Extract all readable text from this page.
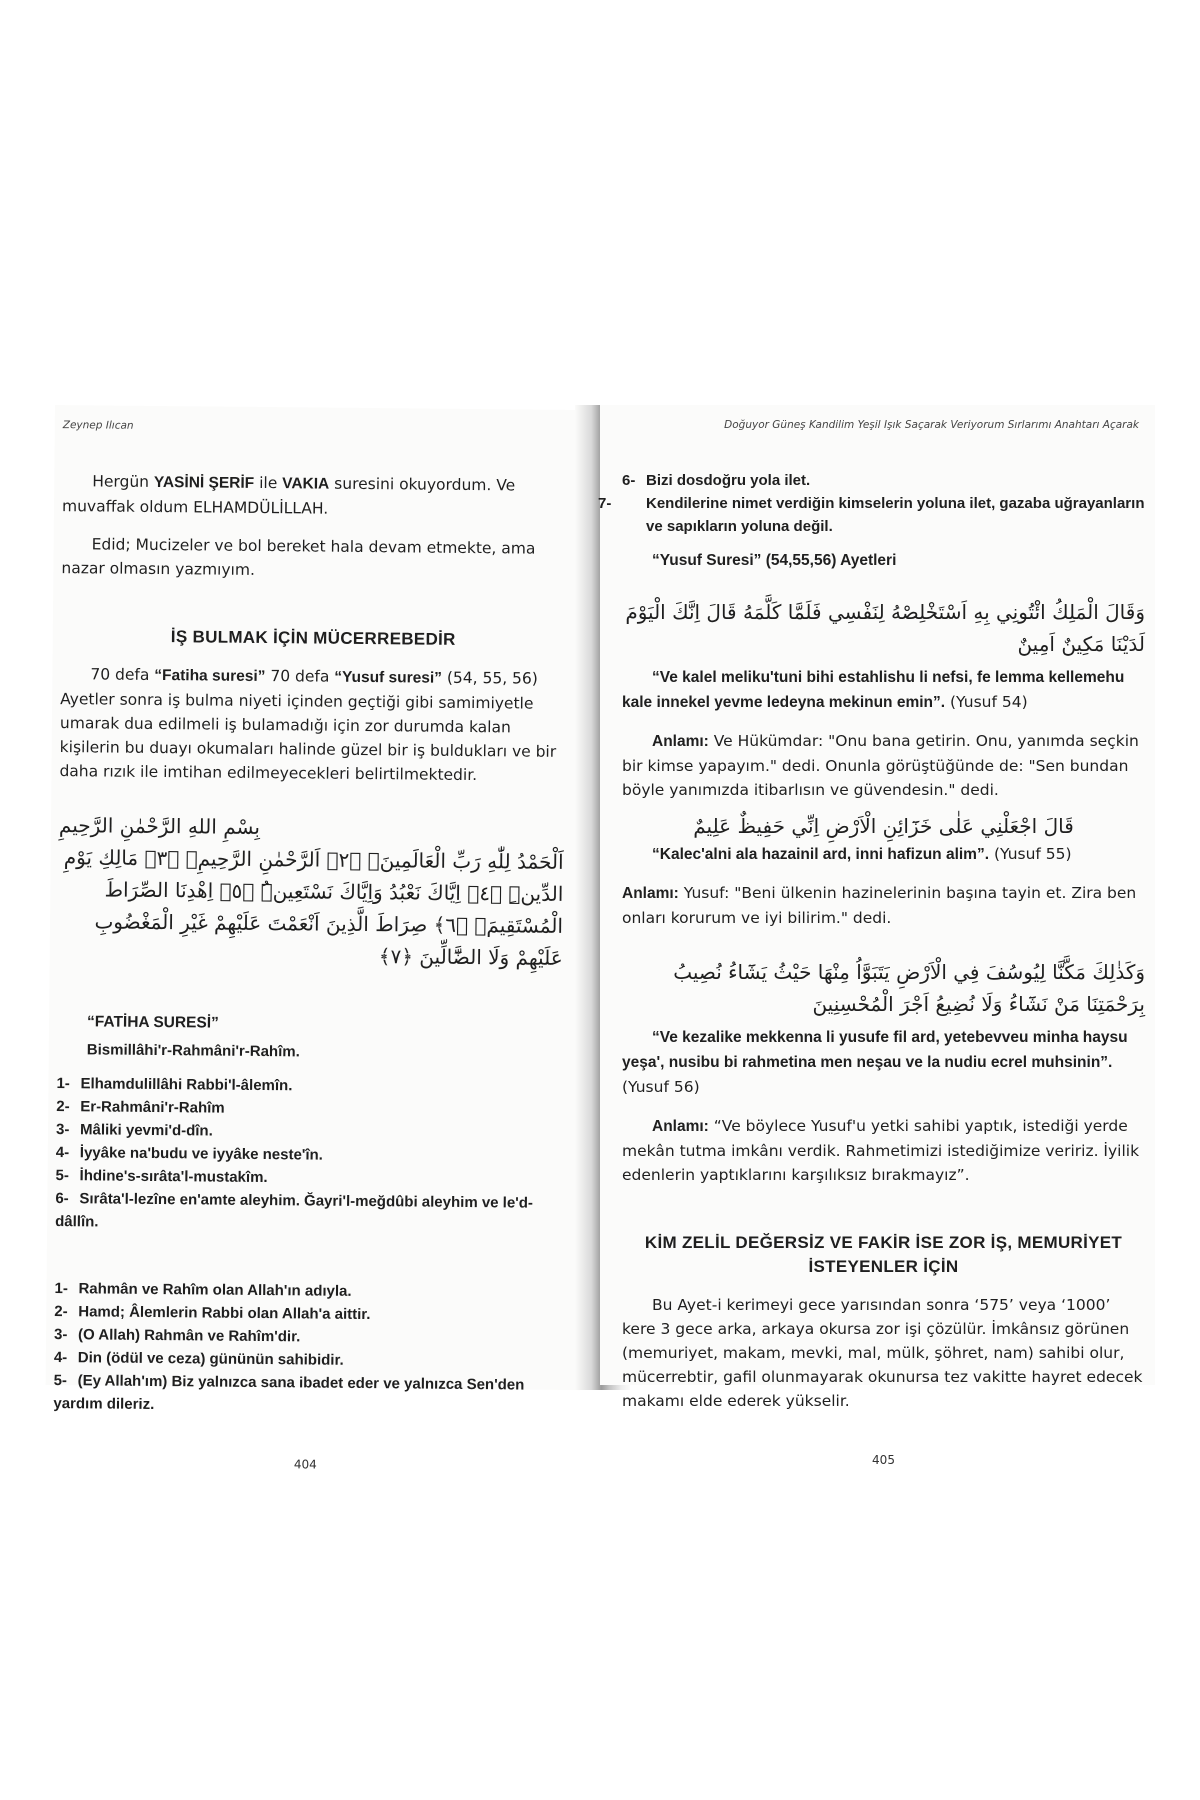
Zeynep Ilıcan

Hergün YASİNİ ŞERİF ile VAKIA suresini okuyordum. Ve muvaffak oldum ELHAMDÜLİLLAH.

Edid; Mucizeler ve bol bereket hala devam etmekte, ama nazar olmasın yazmıyım.

İŞ BULMAK İÇİN MÜCERREBEDİR

70 defa “Fatiha suresi” 70 defa “Yusuf suresi” (54, 55, 56) Ayetler sonra iş bulma niyeti içinden geçtiği gibi samimiyetle umarak dua edilmeli iş bulamadığı için zor durumda kalan kişilerin bu duayı okumaları halinde güzel bir iş buldukları ve bir daha rızık ile imtihan edilmeyecekleri belirtilmektedir.

بِسْمِ اللهِ الرَّحْمٰنِ الرَّحِيمِ
اَلْحَمْدُ لِلّٰهِ رَبِّ الْعَالَمِينَۙ ﴿٢﴾ اَلرَّحْمٰنِ الرَّحِيمِۙ ﴿٣﴾ مَالِكِ يَوْمِ الدِّينِۜ ﴿٤﴾ اِيَّاكَ نَعْبُدُ وَاِيَّاكَ نَسْتَعِينُۜ ﴿٥﴾ اِهْدِنَا الصِّرَاطَ الْمُسْتَقِيمَۙ ﴿٦﴾ صِرَاطَ الَّذِينَ اَنْعَمْتَ عَلَيْهِمْ غَيْرِ الْمَغْضُوبِ عَلَيْهِمْ وَلَا الضَّٓالِّينَ ﴿٧﴾
“FATİHA SURESİ”
Bismillâhi'r-Rahmâni'r-Rahîm.
1- Elhamdulillâhi Rabbi'l-âlemîn.
2- Er-Rahmâni'r-Rahîm
3- Mâliki yevmi'd-dîn.
4- İyyâke na'budu ve iyyâke neste'în.
5- İhdine's-sırâta'l-mustakîm.
6- Sırâta'l-lezîne en'amte aleyhim. Ğayri'l-meğdûbi aleyhim ve le'd-dâllîn.
1- Rahmân ve Rahîm olan Allah'ın adıyla.
2- Hamd; Âlemlerin Rabbi olan Allah'a aittir.
3- (O Allah) Rahmân ve Rahîm'dir.
4- Din (ödül ve ceza) gününün sahibidir.
5- (Ey Allah'ım) Biz yalnızca sana ibadet eder ve yalnızca Sen'den yardım dileriz.
404
Doğuyor Güneş Kandilim Yeşil Işık Saçarak Veriyorum Sırlarımı Anahtarı Açarak
6- Bizi dosdoğru yola ilet.
7- Kendilerine nimet verdiğin kimselerin yoluna ilet, gazaba uğrayanların ve sapıkların yoluna değil.
“Yusuf Suresi” (54,55,56) Ayetleri
وَقَالَ الْمَلِكُ ائْتُونِي بِهِ اَسْتَخْلِصْهُ لِنَفْسِي فَلَمَّا كَلَّمَهُ قَالَ اِنَّكَ الْيَوْمَ لَدَيْنَا مَكِينٌ اَمِينٌ

“Ve kalel meliku'tuni bihi estahlishu li nefsi, fe lemma kellemehu kale innekel yevme ledeyna mekinun emin”. (Yusuf 54)

Anlamı: Ve Hükümdar: "Onu bana getirin. Onu, yanımda seçkin bir kimse yapayım." dedi. Onunla görüştüğünde de: "Sen bundan böyle yanımızda itibarlısın ve güvendesin." dedi.

قَالَ اجْعَلْنِي عَلٰى خَزَٓائِنِ الْاَرْضِ اِنِّي حَفِيظٌ عَلِيمٌ

“Kalec'alni ala hazainil ard, inni hafizun alim”. (Yusuf 55)

Anlamı: Yusuf: "Beni ülkenin hazinelerinin başına tayin et. Zira ben onları korurum ve iyi bilirim." dedi.

وَكَذٰلِكَ مَكَّنَّا لِيُوسُفَ فِي الْاَرْضِ يَتَبَوَّاُ مِنْهَا حَيْثُ يَشَٓاءُ نُصِيبُ بِرَحْمَتِنَا مَنْ نَشَٓاءُ وَلَا نُضِيعُ اَجْرَ الْمُحْسِنِينَ

“Ve kezalike mekkenna li yusufe fil ard, yetebevveu minha haysu yeşa', nusibu bi rahmetina men neşau ve la nudiu ecrel muhsinin”. (Yusuf 56)

Anlamı: “Ve böylece Yusuf'u yetki sahibi yaptık, istediği yerde mekân tutma imkânı verdik. Rahmetimizi istediğimize veririz. İyilik edenlerin yaptıklarını karşılıksız bırakmayız”.

KİM ZELİL DEĞERSİZ VE FAKİR İSE ZOR İŞ, MEMURİYET
İSTEYENLER İÇİN

Bu Ayet-i kerimeyi gece yarısından sonra ‘575’ veya ‘1000’ kere 3 gece arka, arkaya okursa zor işi çözülür. İmkânsız görünen (memuriyet, makam, mevki, mal, mülk, şöhret, nam) sahibi olur, mücerrebtir, gafil olunmayarak okunursa tez vakitte hayret edecek makamı elde ederek yükselir.

405
